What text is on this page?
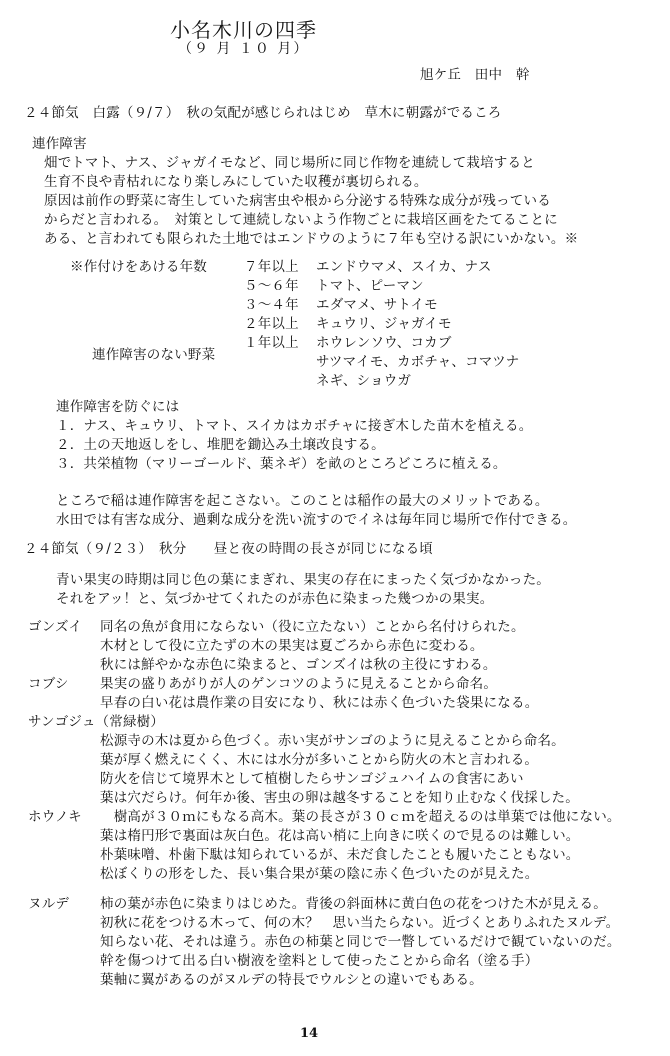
小名木川の四季
（９ 月 １０ 月）
旭ケ丘　田中　幹
２４節気　白露（９/７）　秋の気配が感じられはじめ　草木に朝露がでるころ
連作障害
畑でトマト、ナス、ジャガイモなど、同じ場所に同じ作物を連続して栽培すると
生育不良や青枯れになり楽しみにしていた収穫が裏切られる。
原因は前作の野菜に寄生していた病害虫や根から分泌する特殊な成分が残っている
からだと言われる。　対策として連続しないよう作物ごとに栽培区画をたてることに
ある、と言われても限られた土地ではエンドウのように７年も空ける訳にいかない。※
※作付けをあける年数	７年以上 エンドウマメ、スイカ、ナス
５～６年 トマト、ピーマン
３～４年 エダマメ、サトイモ
２年以上 キュウリ、ジャガイモ
１年以上 ホウレンソウ、コカブ
連作障害のない野菜	サツマイモ、カボチャ、コマツナ
ネギ、ショウガ
連作障害を防ぐには
１．ナス、キュウリ、トマト、スイカはカボチャに接ぎ木した苗木を植える。
２．土の天地返しをし、堆肥を鋤込み土壌改良する。
３．共栄植物（マリーゴールド、葉ネギ）を畝のところどころに植える。
ところで稲は連作障害を起こさない。このことは稲作の最大のメリットである。
水田では有害な成分、過剰な成分を洗い流すのでイネは毎年同じ場所で作付できる。
２４節気（９/２３）　秋分　　昼と夜の時間の長さが同じになる頃
青い果実の時期は同じ色の葉にまぎれ、果実の存在にまったく気づかなかった。
それをアッ！と、気づかせてくれたのが赤色に染まった幾つかの果実。
ゴンズイ 同名の魚が食用にならない（役に立たない）ことから名付けられた。
木材として役に立たずの木の果実は夏ごろから赤色に変わる。
秋には鮮やかな赤色に染まると、ゴンズイは秋の主役にすわる。
コブシ 果実の盛りあがりが人のゲンコツのように見えることから命名。
早春の白い花は農作業の目安になり、秋には赤く色づいた袋果になる。
サンゴジュ（常緑樹）
松源寺の木は夏から色づく。赤い実がサンゴのように見えることから命名。
葉が厚く燃えにくく、木には水分が多いことから防火の木と言われる。
防火を信じて境界木として植樹したらサンゴジュハイムの食害にあい
葉は穴だらけ。何年か後、害虫の卵は越冬することを知り止むなく伐採した。
ホウノキ 　樹高が３０ｍにもなる高木。葉の長さが３０ｃｍを超えるのは単葉では他にない。
葉は楕円形で裏面は灰白色。花は高い梢に上向きに咲くので見るのは難しい。
朴葉味噌、朴歯下駄は知られているが、未だ食したことも履いたこともない。
松ぼくりの形をした、長い集合果が葉の陰に赤く色づいたのが見えた。
ヌルデ 柿の葉が赤色に染まりはじめた。背後の斜面林に黄白色の花をつけた木が見える。
初秋に花をつける木って、何の木？　思い当たらない。近づくとありふれたヌルデ。
知らない花、それは違う。赤色の柿葉と同じで一瞥しているだけで観ていないのだ。
幹を傷つけて出る白い樹液を塗料として使ったことから命名（塗る手）
葉軸に翼があるのがヌルデの特長でウルシとの違いでもある。
14
